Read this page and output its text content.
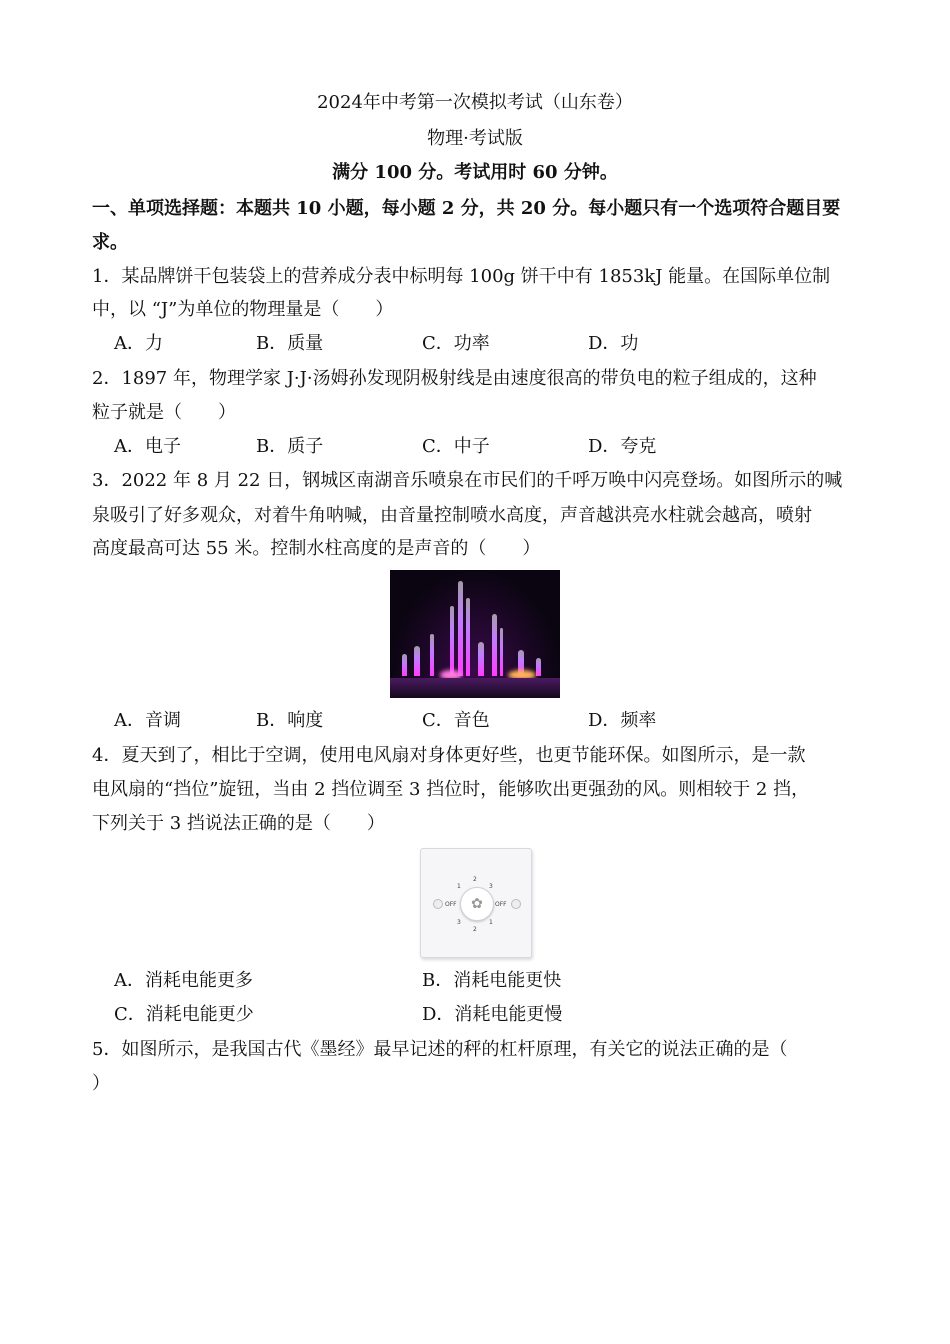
2024年中考第一次模拟考试（山东卷）
物理·考试版
满分 100 分。考试用时 60 分钟。
一、单项选择题：本题共 10 小题，每小题 2 分，共 20 分。每小题只有一个选项符合题目要
求。
1．某品牌饼干包装袋上的营养成分表中标明每 100g 饼干中有 1853kJ 能量。在国际单位制
中，以 “J”为单位的物理量是（　　）
A．力	B．质量	C．功率	D．功
2．1897 年，物理学家 J·J·汤姆孙发现阴极射线是由速度很高的带负电的粒子组成的，这种
粒子就是（　　）
A．电子	B．质子	C．中子	D．夸克
3．2022 年 8 月 22 日，钢城区南湖音乐喷泉在市民们的千呼万唤中闪亮登场。如图所示的喊
泉吸引了好多观众，对着牛角呐喊，由音量控制喷水高度，声音越洪亮水柱就会越高，喷射
高度最高可达 55 米。控制水柱高度的是声音的（　　）
A．音调	B．响度	C．音色	D．频率
4．夏天到了，相比于空调，使用电风扇对身体更好些，也更节能环保。如图所示，是一款
电风扇的“挡位”旋钮，当由 2 挡位调至 3 挡位时，能够吹出更强劲的风。则相较于 2 挡，
下列关于 3 挡说法正确的是（　　）
✿
OFF	OFF
1
2
3
3
2
1
A．消耗电能更多	B．消耗电能更快
C．消耗电能更少	D．消耗电能更慢
5．如图所示，是我国古代《墨经》最早记述的秤的杠杆原理，有关它的说法正确的是（
）
